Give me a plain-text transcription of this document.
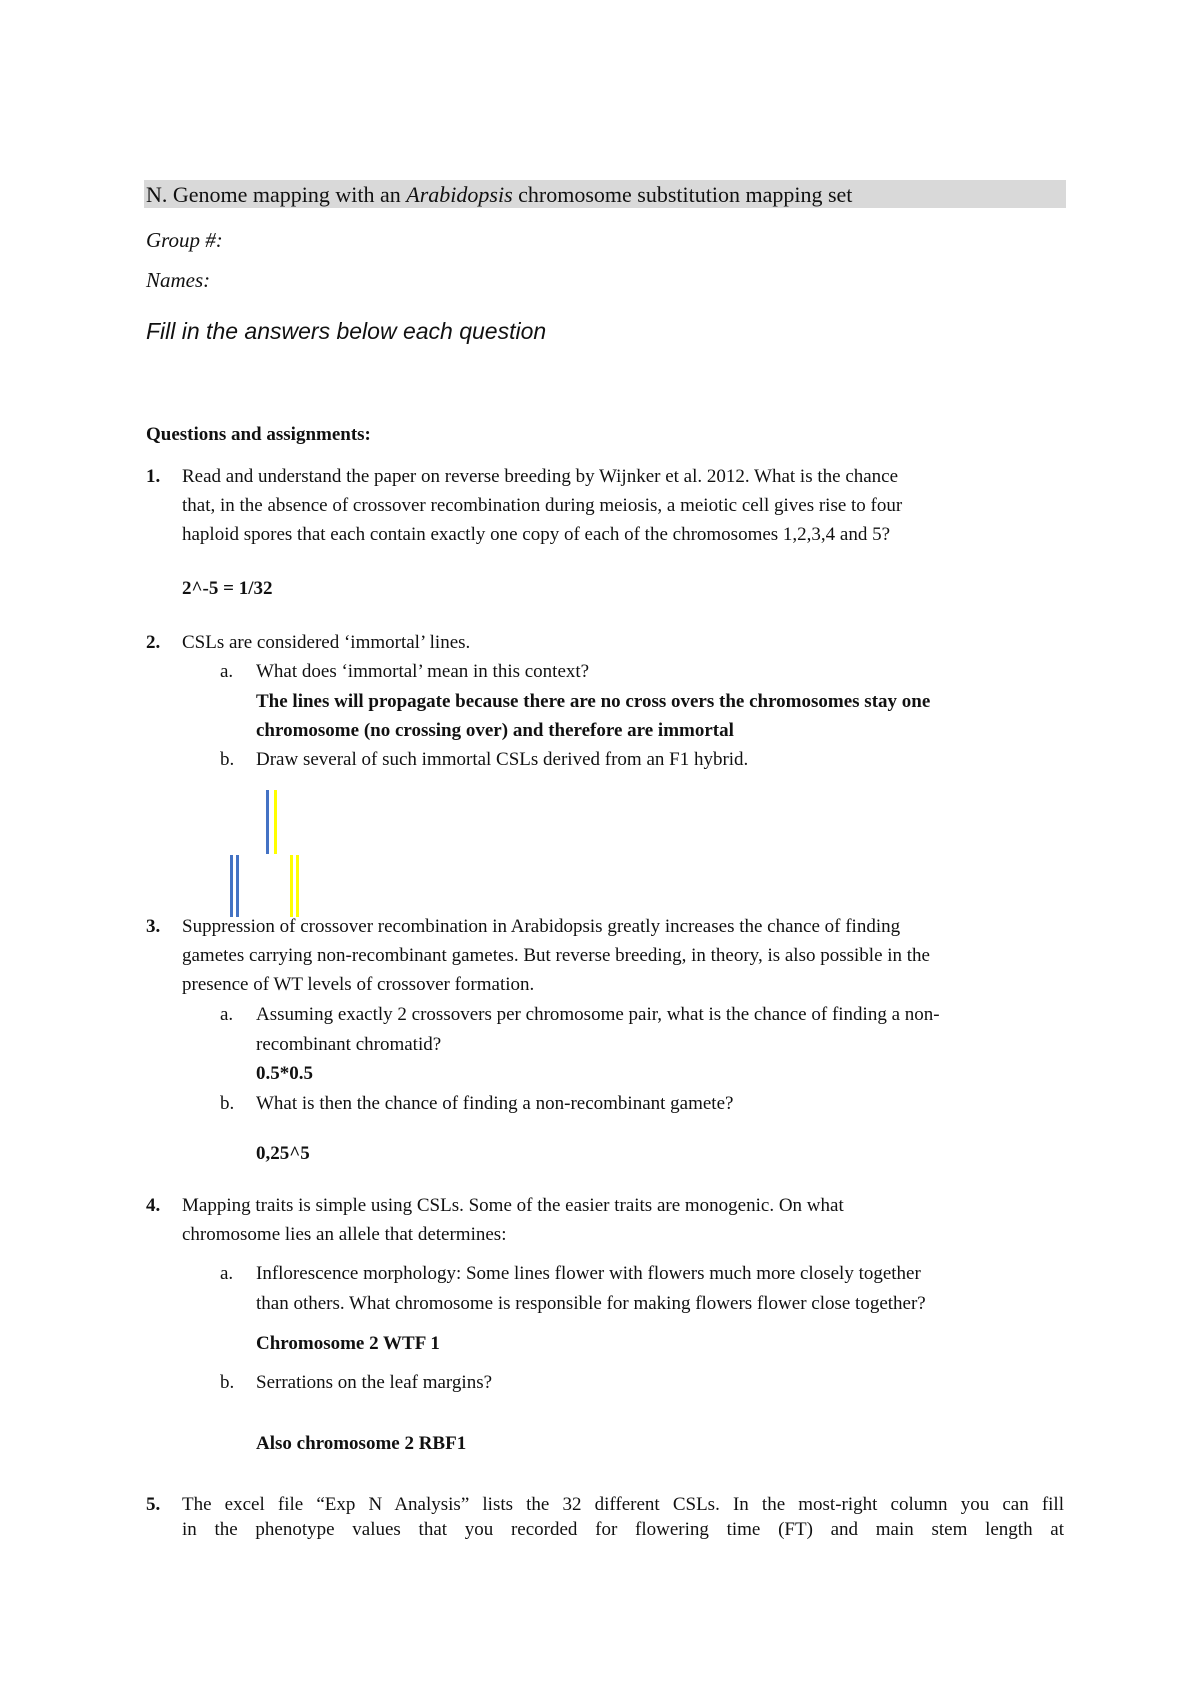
N. Genome mapping with an Arabidopsis chromosome substitution mapping set
Group #:
Names:
Fill in the answers below each question
Questions and assignments:
1. Read and understand the paper on reverse breeding by Wijnker et al. 2012. What is the chance
that, in the absence of crossover recombination during meiosis, a meiotic cell gives rise to four
haploid spores that each contain exactly one copy of each of the chromosomes 1,2,3,4 and 5?
2^-5 = 1/32
2. CSLs are considered ‘immortal’ lines.
a. What does ‘immortal’ mean in this context?
The lines will propagate because there are no cross overs the chromosomes stay one
chromosome (no crossing over) and therefore are immortal
b. Draw several of such immortal CSLs derived from an F1 hybrid.
3. Suppression of crossover recombination in Arabidopsis greatly increases the chance of finding
gametes carrying non-recombinant gametes. But reverse breeding, in theory, is also possible in the
presence of WT levels of crossover formation.
a. Assuming exactly 2 crossovers per chromosome pair, what is the chance of finding a non-
recombinant chromatid?
0.5*0.5
b. What is then the chance of finding a non-recombinant gamete?
0,25^5
4. Mapping traits is simple using CSLs. Some of the easier traits are monogenic. On what
chromosome lies an allele that determines:
a. Inflorescence morphology: Some lines flower with flowers much more closely together
than others. What chromosome is responsible for making flowers flower close together?
Chromosome 2 WTF 1
b. Serrations on the leaf margins?
Also chromosome 2 RBF1
5. The excel file “Exp N Analysis” lists the 32 different CSLs. In the most-right column you can fill
in the phenotype values that you recorded for flowering time (FT) and main stem length at
